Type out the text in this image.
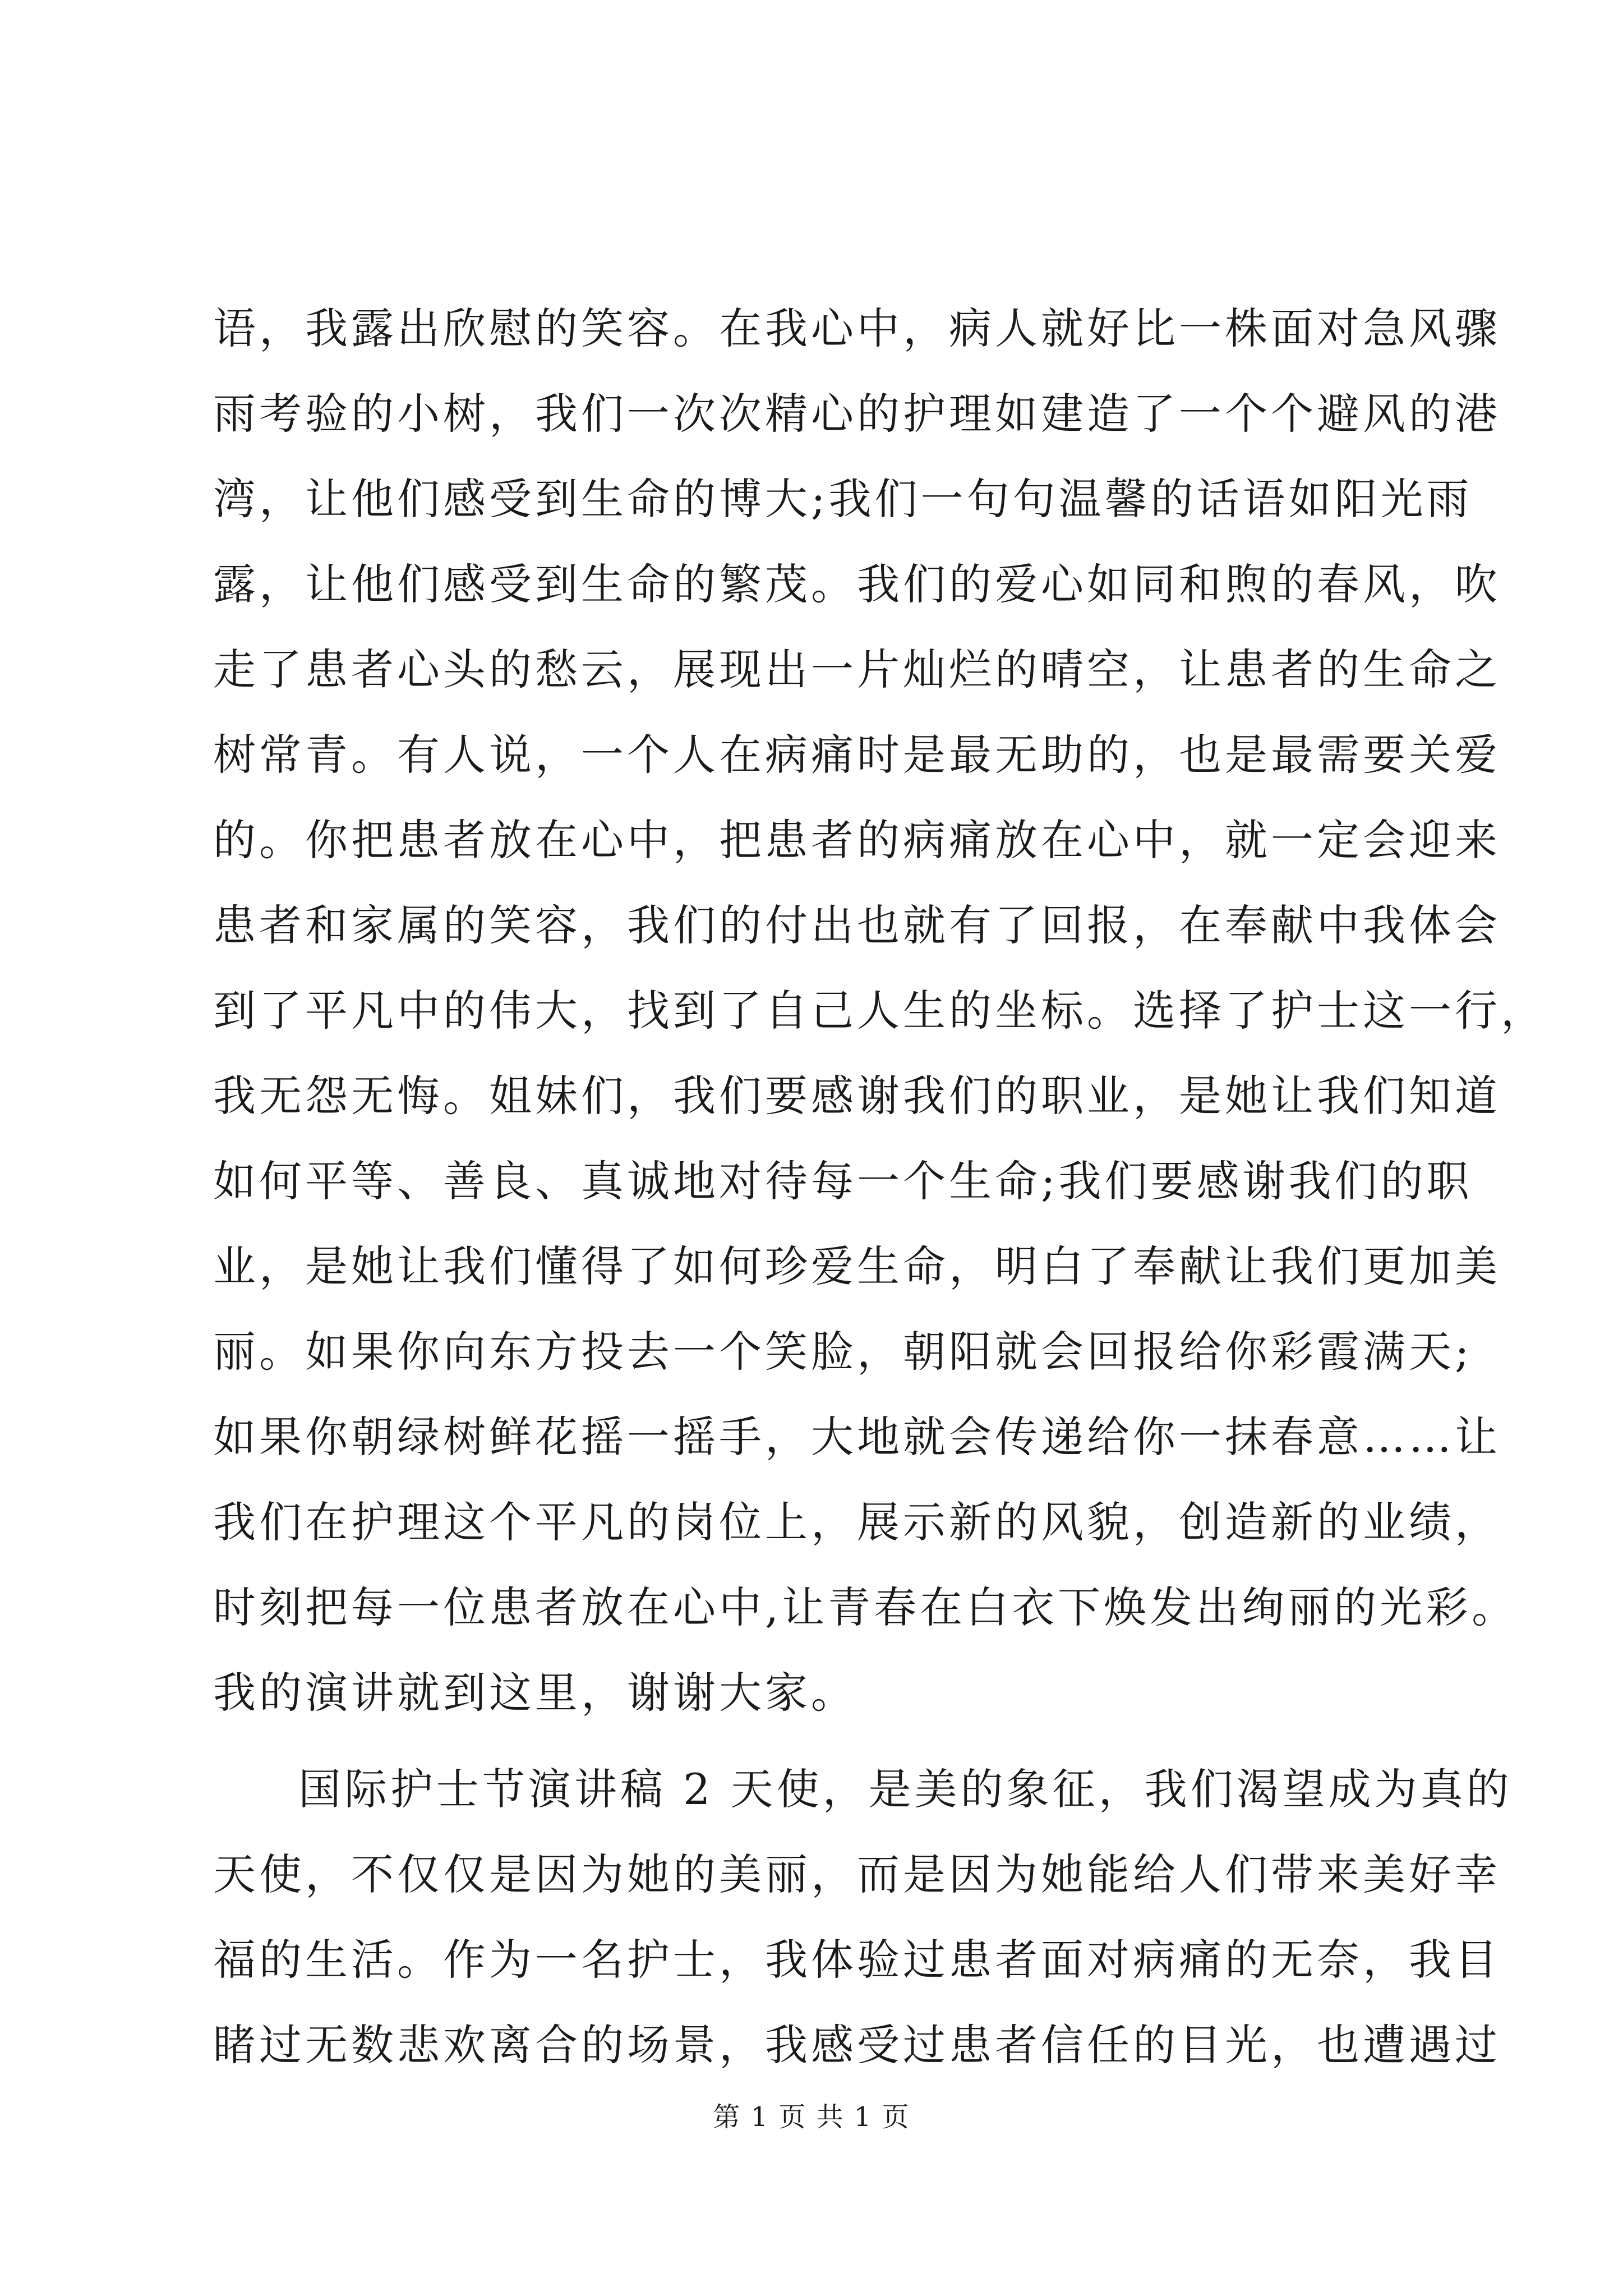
语，我露出欣慰的笑容。在我心中，病人就好比一株面对急风骤
雨考验的小树，我们一次次精心的护理如建造了一个个避风的港
湾，让他们感受到生命的博大;我们一句句温馨的话语如阳光雨
露，让他们感受到生命的繁茂。我们的爱心如同和煦的春风，吹
走了患者心头的愁云，展现出一片灿烂的晴空，让患者的生命之
树常青。有人说，一个人在病痛时是最无助的，也是最需要关爱
的。你把患者放在心中，把患者的病痛放在心中，就一定会迎来
患者和家属的笑容，我们的付出也就有了回报，在奉献中我体会
到了平凡中的伟大，找到了自己人生的坐标。选择了护士这一行，
我无怨无悔。姐妹们，我们要感谢我们的职业，是她让我们知道
如何平等、善良、真诚地对待每一个生命;我们要感谢我们的职
业，是她让我们懂得了如何珍爱生命，明白了奉献让我们更加美
丽。如果你向东方投去一个笑脸，朝阳就会回报给你彩霞满天;
如果你朝绿树鲜花摇一摇手，大地就会传递给你一抹春意……让
我们在护理这个平凡的岗位上，展示新的风貌，创造新的业绩，
时刻把每一位患者放在心中,让青春在白衣下焕发出绚丽的光彩。
我的演讲就到这里，谢谢大家。
国际护士节演讲稿 2 天使，是美的象征，我们渴望成为真的
天使，不仅仅是因为她的美丽，而是因为她能给人们带来美好幸
福的生活。作为一名护士，我体验过患者面对病痛的无奈，我目
睹过无数悲欢离合的场景，我感受过患者信任的目光，也遭遇过
第 1 页 共 1 页
